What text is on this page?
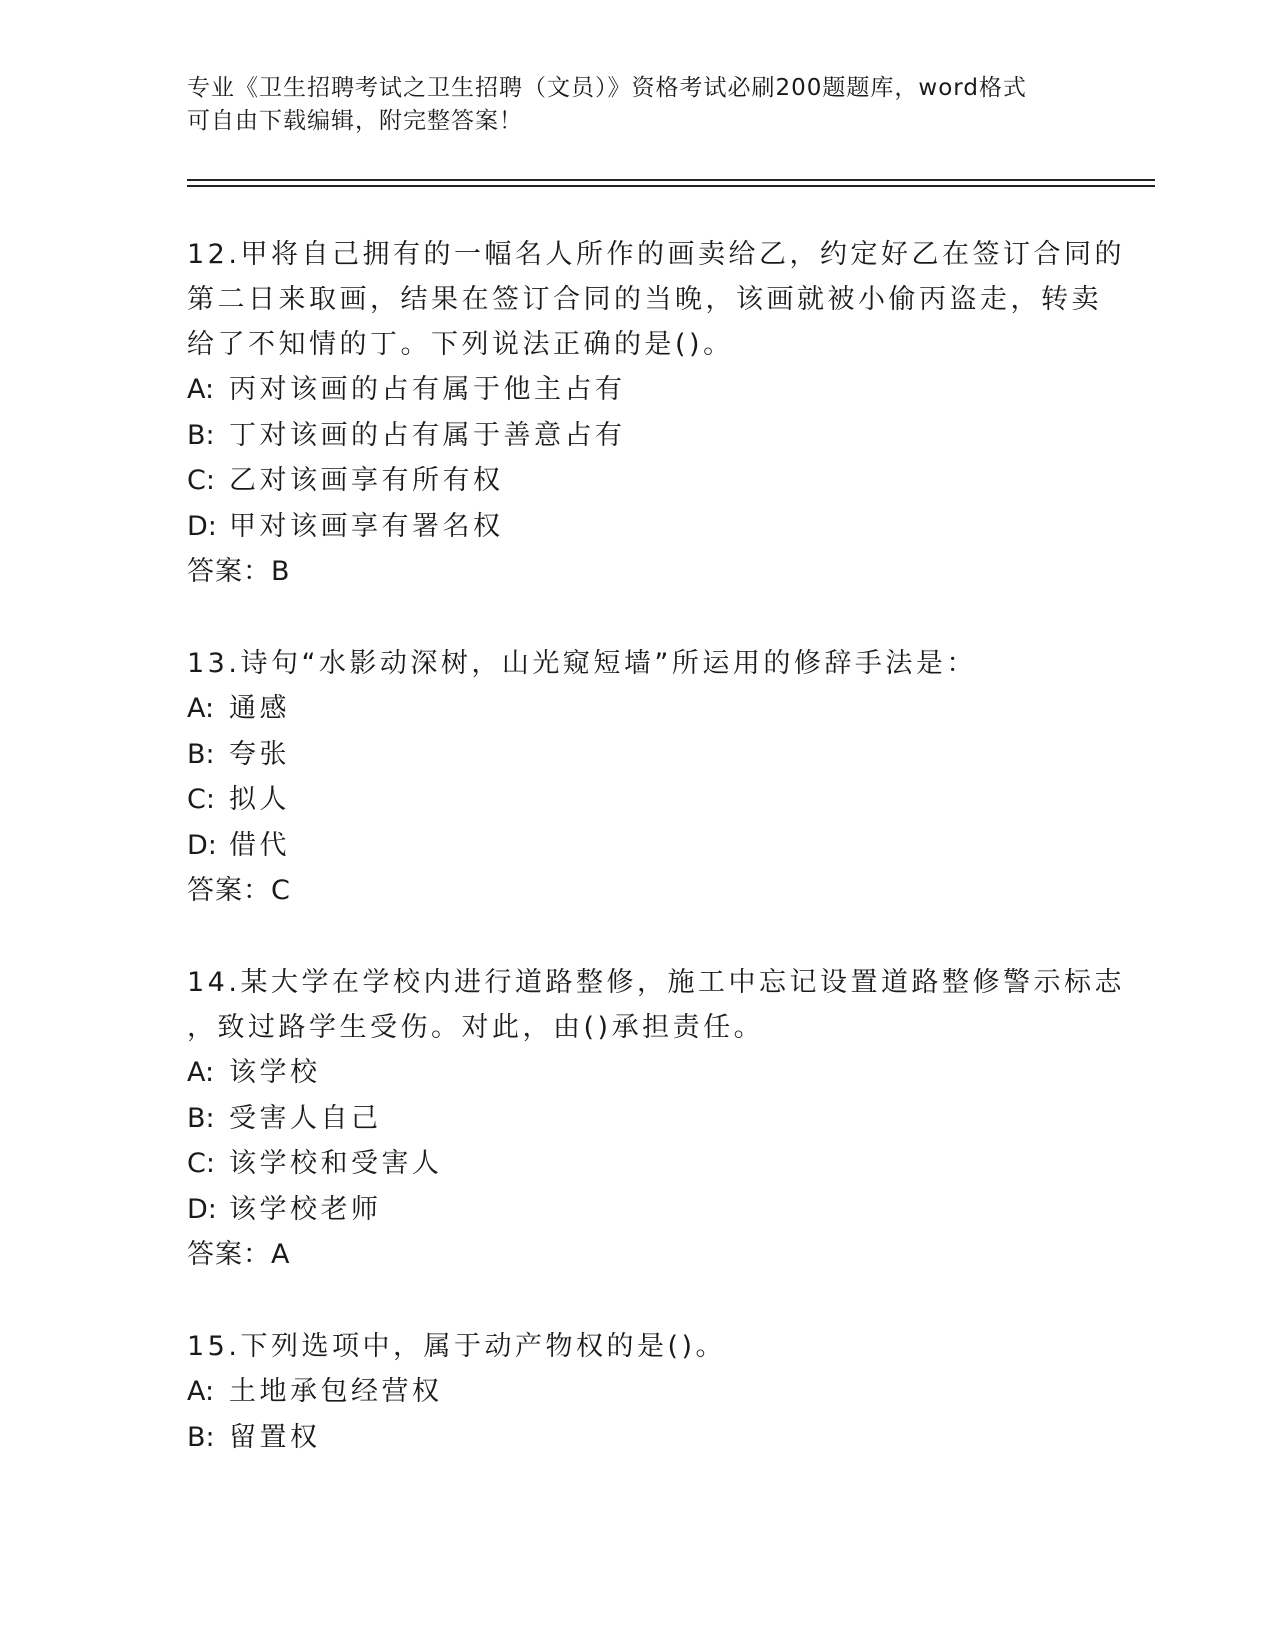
专业《卫生招聘考试之卫生招聘（文员）》资格考试必刷200题题库，word格式
可自由下载编辑，附完整答案！
12.甲将自己拥有的一幅名人所作的画卖给乙，约定好乙在签订合同的
第二日来取画，结果在签订合同的当晚，该画就被小偷丙盗走，转卖
给了不知情的丁。下列说法正确的是()。
A: 丙对该画的占有属于他主占有
B: 丁对该画的占有属于善意占有
C: 乙对该画享有所有权
D: 甲对该画享有署名权
答案：B
13.诗句“水影动深树，山光窥短墙”所运用的修辞手法是：
A: 通感
B: 夸张
C: 拟人
D: 借代
答案：C
14.某大学在学校内进行道路整修，施工中忘记设置道路整修警示标志
，致过路学生受伤。对此，由()承担责任。
A: 该学校
B: 受害人自己
C: 该学校和受害人
D: 该学校老师
答案：A
15.下列选项中，属于动产物权的是()。
A: 土地承包经营权
B: 留置权
